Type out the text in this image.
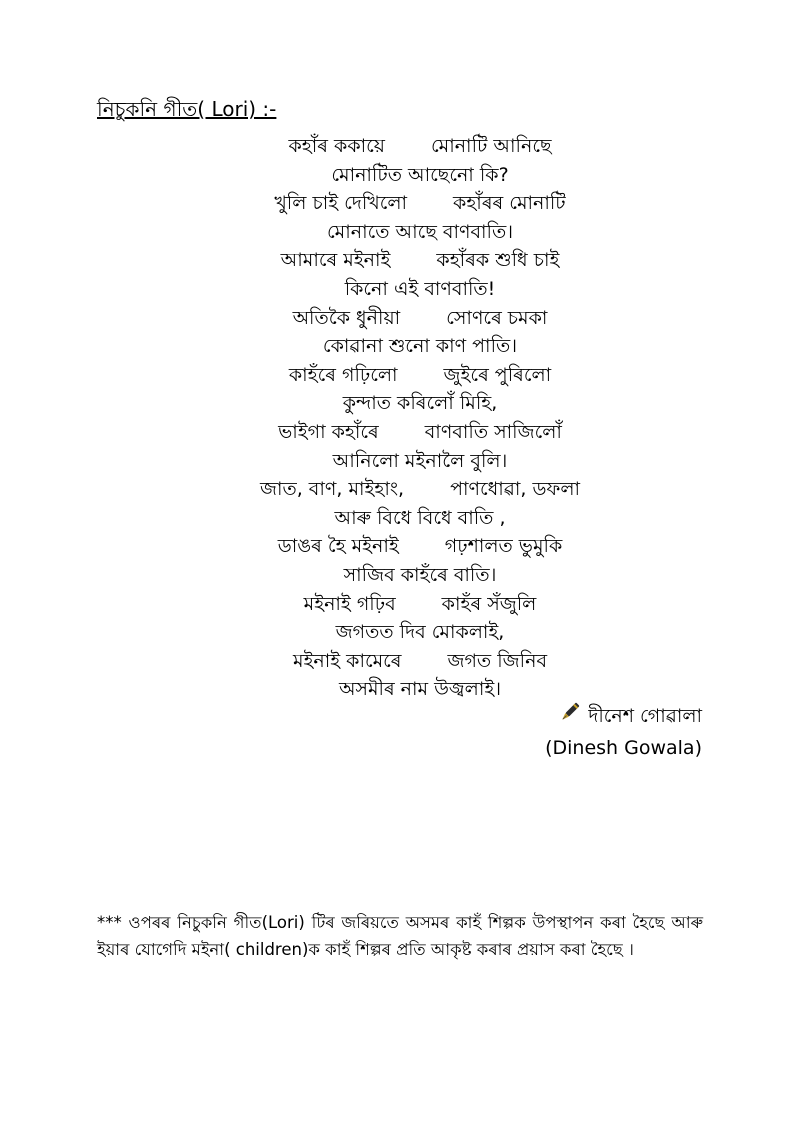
নিচুকনি গীত( Lori) :-
কহাঁৰ ককায়ে মোনাটি আনিছে
মোনাটিত আছেনো কি?
খুলি চাই দেখিলো কহাঁৰৰ মোনাটি
মোনাতে আছে বাণবাতি।
আমাৰে মইনাই কহাঁৰক শুধি চাই
কিনো এই বাণবাতি!
অতিকৈ ধুনীয়া সোণৰে চমকা
কোৱানা শুনো কাণ পাতি।
কাহঁৰে গঢ়িলো জুইৰে পুৰিলো
কুন্দাত কৰিলোঁ মিহি,
ভাইগা কহাঁৰে বাণবাতি সাজিলোঁ
আনিলো মইনালৈ বুলি।
জাত, বাণ, মাইহাং, পাণধোৱা, ডফলা
আৰু বিধে বিধে বাতি ,
ডাঙৰ হৈ মইনাই গঢ়শালত ভুমুকি
সাজিব কাহঁৰে বাতি।
মইনাই গঢ়িব কাহঁৰ সঁজুলি
জগতত দিব মোকলাই,
মইনাই কামেৰে জগত জিনিব
অসমীৰ নাম উজ্বলাই।
দীনেশ গোৱালা
(Dinesh Gowala)
*** ওপৰৰ নিচুকনি গীত(Lori) টিৰ জৰিয়তে অসমৰ কাহঁ শিল্পক উপস্থাপন কৰা হৈছে আৰু ইয়াৰ যোগেদি মইনা( children)ক কাহঁ শিল্পৰ প্ৰতি আকৃষ্ট কৰাৰ প্ৰয়াস কৰা হৈছে ।
